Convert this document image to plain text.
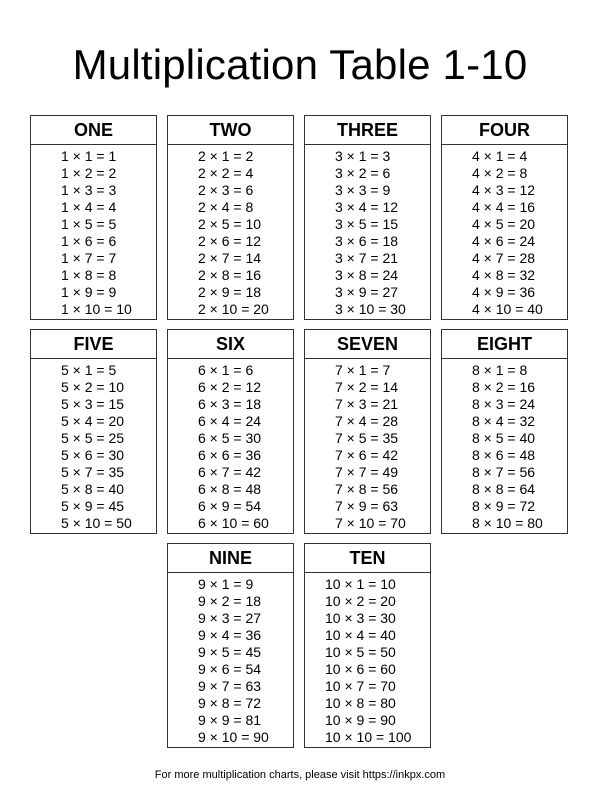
Multiplication Table 1-10
ONE
1 × 1 = 1
1 × 2 = 2
1 × 3 = 3
1 × 4 = 4
1 × 5 = 5
1 × 6 = 6
1 × 7 = 7
1 × 8 = 8
1 × 9 = 9
1 × 10 = 10
TWO
2 × 1 = 2
2 × 2 = 4
2 × 3 = 6
2 × 4 = 8
2 × 5 = 10
2 × 6 = 12
2 × 7 = 14
2 × 8 = 16
2 × 9 = 18
2 × 10 = 20
THREE
3 × 1 = 3
3 × 2 = 6
3 × 3 = 9
3 × 4 = 12
3 × 5 = 15
3 × 6 = 18
3 × 7 = 21
3 × 8 = 24
3 × 9 = 27
3 × 10 = 30
FOUR
4 × 1 = 4
4 × 2 = 8
4 × 3 = 12
4 × 4 = 16
4 × 5 = 20
4 × 6 = 24
4 × 7 = 28
4 × 8 = 32
4 × 9 = 36
4 × 10 = 40
FIVE
5 × 1 = 5
5 × 2 = 10
5 × 3 = 15
5 × 4 = 20
5 × 5 = 25
5 × 6 = 30
5 × 7 = 35
5 × 8 = 40
5 × 9 = 45
5 × 10 = 50
SIX
6 × 1 = 6
6 × 2 = 12
6 × 3 = 18
6 × 4 = 24
6 × 5 = 30
6 × 6 = 36
6 × 7 = 42
6 × 8 = 48
6 × 9 = 54
6 × 10 = 60
SEVEN
7 × 1 = 7
7 × 2 = 14
7 × 3 = 21
7 × 4 = 28
7 × 5 = 35
7 × 6 = 42
7 × 7 = 49
7 × 8 = 56
7 × 9 = 63
7 × 10 = 70
EIGHT
8 × 1 = 8
8 × 2 = 16
8 × 3 = 24
8 × 4 = 32
8 × 5 = 40
8 × 6 = 48
8 × 7 = 56
8 × 8 = 64
8 × 9 = 72
8 × 10 = 80
NINE
9 × 1 = 9
9 × 2 = 18
9 × 3 = 27
9 × 4 = 36
9 × 5 = 45
9 × 6 = 54
9 × 7 = 63
9 × 8 = 72
9 × 9 = 81
9 × 10 = 90
TEN
10 × 1 = 10
10 × 2 = 20
10 × 3 = 30
10 × 4 = 40
10 × 5 = 50
10 × 6 = 60
10 × 7 = 70
10 × 8 = 80
10 × 9 = 90
10 × 10 = 100
For more multiplication charts, please visit https://inkpx.com
